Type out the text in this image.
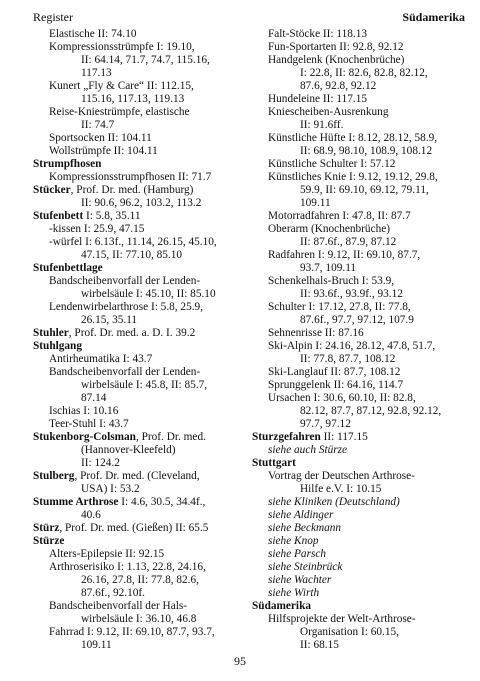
Register	Südamerika
Elastische II: 74.10
Kompressionsstrümpfe I: 19.10,
II: 64.14, 71.7, 74.7, 115.16,
117.13
Kunert „Fly & Care“ II: 112.15,
115.16, 117.13, 119.13
Reise-Kniestrümpfe, elastische
II: 74.7
Sportsocken II: 104.11
Wollstrümpfe II: 104.11
Strumpfhosen
Kompressionsstrumpfhosen II: 71.7
Stücker, Prof. Dr. med. (Hamburg)
II: 90.6, 96.2, 103.2, 113.2
Stufenbett I: 5.8, 35.11
-kissen I: 25.9, 47.15
-würfel I: 6.13f., 11.14, 26.15, 45.10,
47.15, II: 77.10, 85.10
Stufenbettlage
Bandscheibenvorfall der Lenden-
wirbelsäule I: 45.10, II: 85.10
Lendenwirbelarthrose I: 5.8, 25.9,
26.15, 35.11
Stuhler, Prof. Dr. med. a. D. I. 39.2
Stuhlgang
Antirheumatika I: 43.7
Bandscheibenvorfall der Lenden-
wirbelsäule I: 45.8, II: 85.7,
87.14
Ischias I: 10.16
Teer-Stuhl I: 43.7
Stukenborg-Colsman, Prof. Dr. med.
(Hannover-Kleefeld)
II: 124.2
Stulberg, Prof. Dr. med. (Cleveland,
USA) I: 53.2
Stumme Arthrose I: 4.6, 30.5, 34.4f.,
40.6
Stürz, Prof. Dr. med. (Gießen) II: 65.5
Stürze
Alters-Epilepsie II: 92.15
Arthroserisiko I: 1.13, 22.8, 24.16,
26.16, 27.8, II: 77.8, 82.6,
87.6f., 92.10f.
Bandscheibenvorfall der Hals-
wirbelsäule I: 36.10, 46.8
Fahrrad I: 9.12, II: 69.10, 87.7, 93.7,
109.11
Falt-Stöcke II: 118.13
Fun-Sportarten II: 92.8, 92.12
Handgelenk (Knochenbrüche)
I: 22.8, II: 82.6, 82.8, 82.12,
87.6, 92.8, 92.12
Hundeleine II: 117.15
Kniescheiben-Ausrenkung
II: 91.6ff.
Künstliche Hüfte I: 8.12, 28.12, 58.9,
II: 68.9, 98.10, 108.9, 108.12
Künstliche Schulter I: 57.12
Künstliches Knie I: 9.12, 19.12, 29.8,
59.9, II: 69.10, 69.12, 79.11,
109.11
Motorradfahren I: 47.8, II: 87.7
Oberarm (Knochenbrüche)
II: 87.6f., 87.9, 87.12
Radfahren I: 9.12, II: 69.10, 87.7,
93.7, 109.11
Schenkelhals-Bruch I: 53.9,
II: 93.6f., 93.9f., 93.12
Schulter I: 17.12, 27.8, II: 77.8,
87.6f., 97.7, 97.12, 107.9
Sehnenrisse II: 87.16
Ski-Alpin I: 24.16, 28.12, 47.8, 51.7,
II: 77.8, 87.7, 108.12
Ski-Langlauf II: 87.7, 108.12
Sprunggelenk II: 64.16, 114.7
Ursachen I: 30.6, 60.10, II: 82.8,
82.12, 87.7, 87.12, 92.8, 92.12,
97.7, 97.12
Sturzgefahren II: 117.15
siehe auch Stürze
Stuttgart
Vortrag der Deutschen Arthrose-
Hilfe e.V. I: 10.15
siehe Kliniken (Deutschland)
siehe Aldinger
siehe Beckmann
siehe Knop
siehe Parsch
siehe Steinbrück
siehe Wachter
siehe Wirth
Südamerika
Hilfsprojekte der Welt-Arthrose-
Organisation I: 60.15,
II: 68.15
95
